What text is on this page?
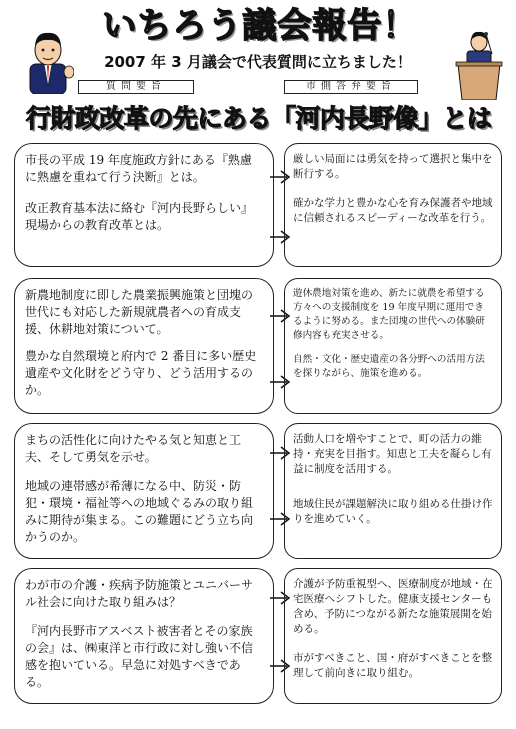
いちろう議会報告！
2007 年 3 月議会で代表質問に立ちました！
質問要旨	市側答弁要旨
行財政改革の先にある「河内長野像」とは
市長の平成 19 年度施政方針にある『熟慮に熟慮を重ねて行う決断』とは。
改正教育基本法に絡む『河内長野らしい』現場からの教育改革とは。
厳しい局面には勇気を持って選択と集中を断行する。
確かな学力と豊かな心を育み保護者や地域に信頼されるスピーディーな改革を行う。
新農地制度に即した農業振興施策と団塊の世代にも対応した新規就農者への育成支援、休耕地対策について。
豊かな自然環境と府内で 2 番目に多い歴史遺産や文化財をどう守り、どう活用するのか。
遊休農地対策を進め、新たに就農を希望する方々への支援制度を 19 年度早期に運用できるように努める。また団塊の世代への体験研修内容も充実させる。
自然・文化・歴史遺産の各分野への活用方法を探りながら、施策を進める。
まちの活性化に向けたやる気と知恵と工夫、そして勇気を示せ。
地域の連帯感が希薄になる中、防災・防犯・環境・福祉等への地域ぐるみの取り組みに期待が集まる。この難題にどう立ち向かうのか。
活動人口を増やすことで、町の活力の維持・充実を目指す。知恵と工夫を凝らし有益に制度を活用する。
地域住民が課題解決に取り組める仕掛け作りを進めていく。
わが市の介護・疾病予防施策とユニバーサル社会に向けた取り組みは？
『河内長野市アスベスト被害者とその家族の会』は、㈱東洋と市行政に対し強い不信感を抱いている。早急に対処すべきである。
介護が予防重視型へ、医療制度が地域・在宅医療へシフトした。健康支援センターも含め、予防につながる新たな施策展開を始める。
市がすべきこと、国・府がすべきことを整理して前向きに取り組む。
